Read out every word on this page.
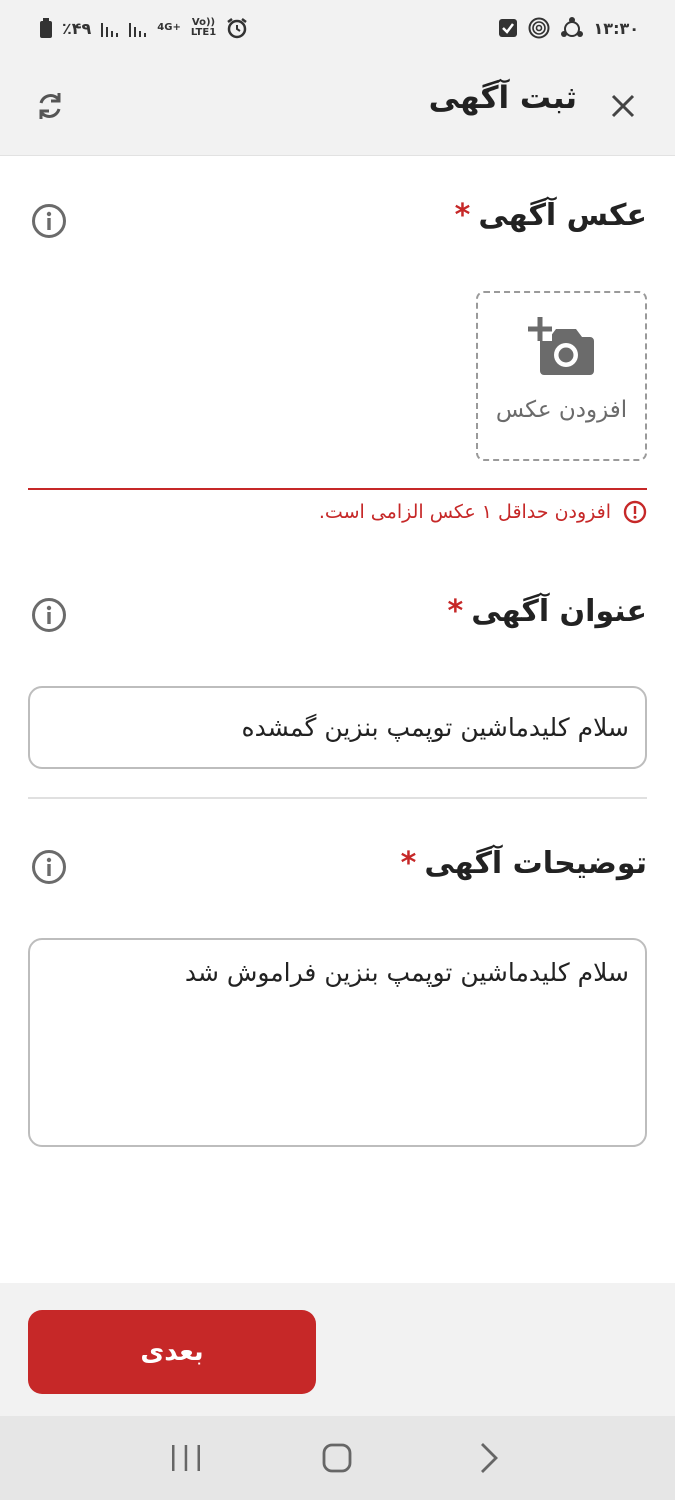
٪۴۹	4G+ Vo))
LTE1	۱۳:۳۰
ثبت آگهی
عکس آگهی*
افزودن عکس
افزودن حداقل ۱ عکس الزامی است.
عنوان آگهی*
سلام کلیدماشین توپمپ بنزین گمشده
توضیحات آگهی*
سلام کلیدماشین توپمپ بنزین فراموش شد
بعدی
